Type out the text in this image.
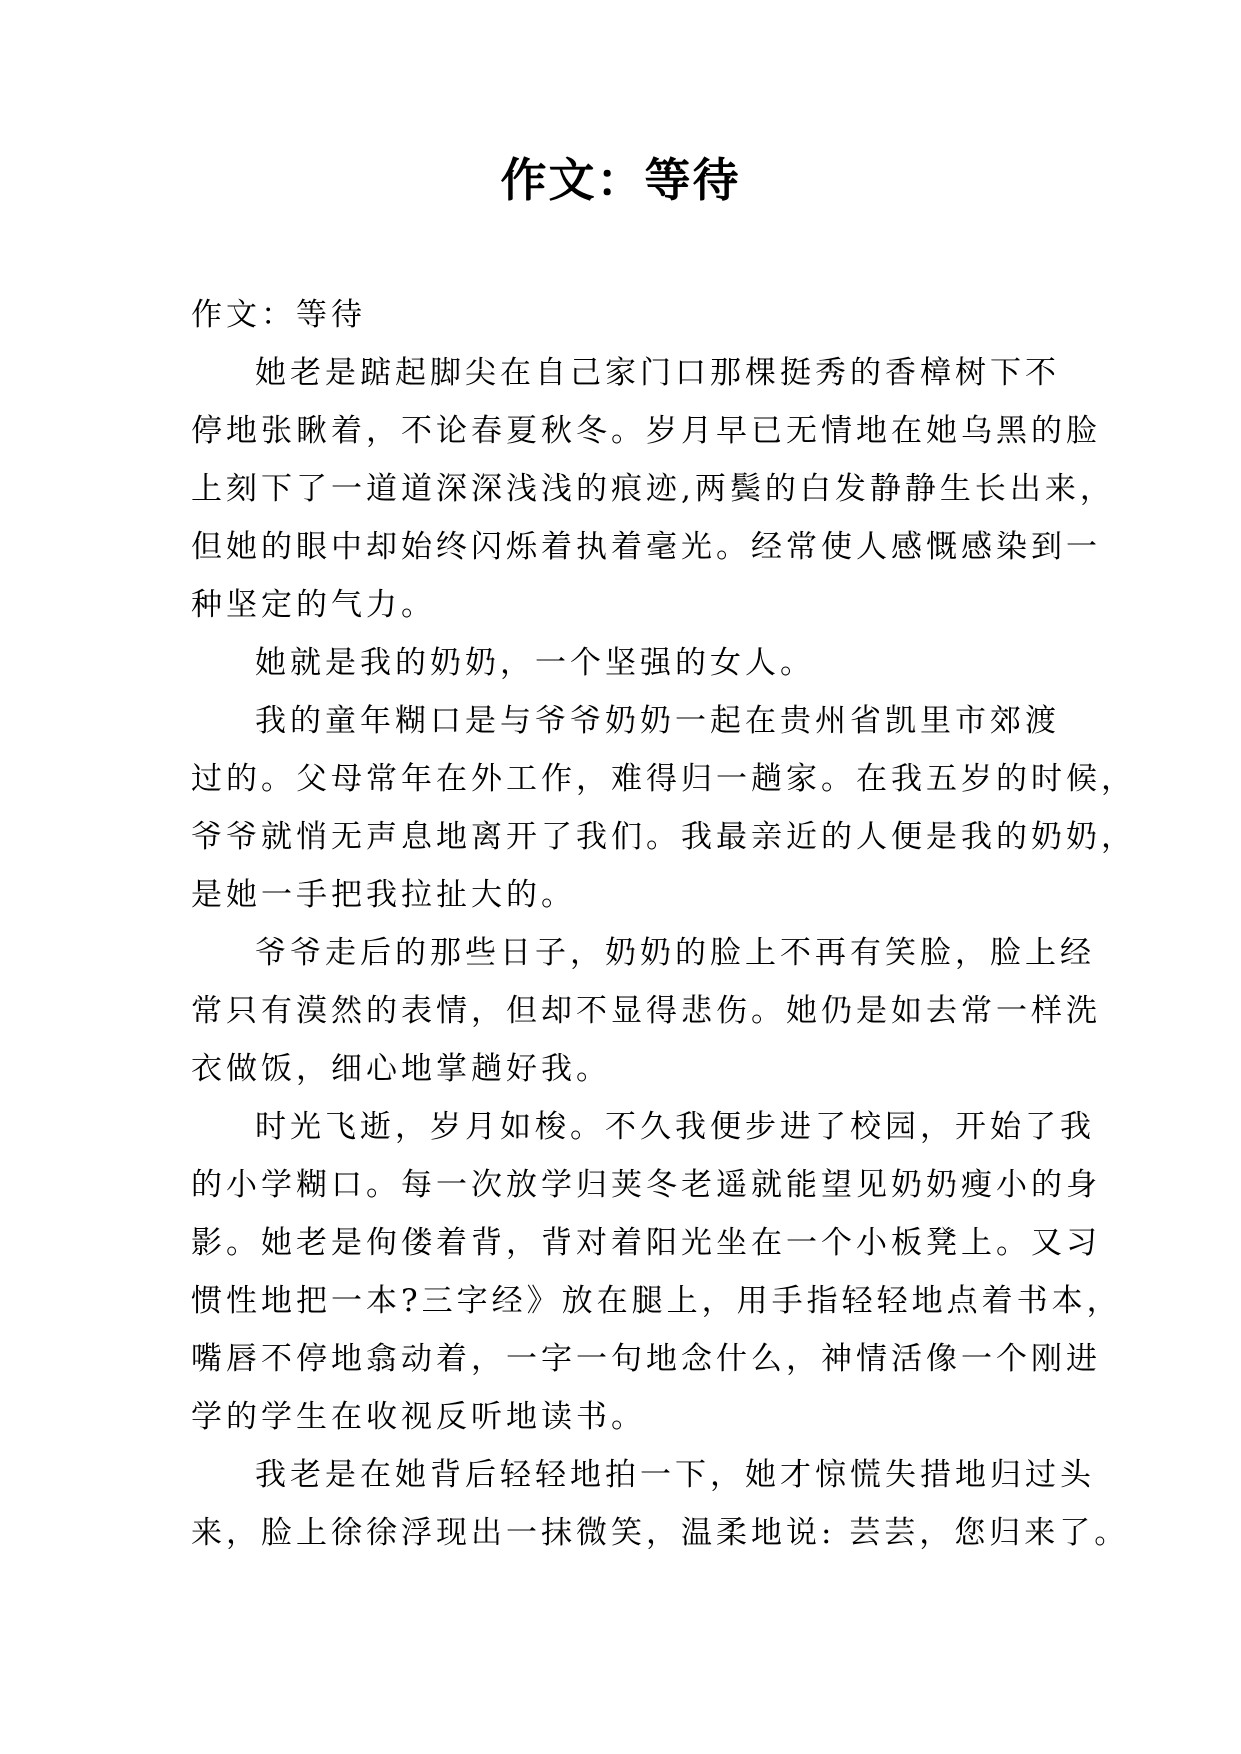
作文：等待
作文：等待
她老是踮起脚尖在自己家门口那棵挺秀的香樟树下不
停地张瞅着，不论春夏秋冬。岁月早已无情地在她乌黑的脸
上刻下了一道道深深浅浅的痕迹,两鬓的白发静静生长出来，
但她的眼中却始终闪烁着执着毫光。经常使人感慨感染到一
种坚定的气力。
她就是我的奶奶，一个坚强的女人。
我的童年糊口是与爷爷奶奶一起在贵州省凯里市郊渡
过的。父母常年在外工作，难得归一趟家。在我五岁的时候，
爷爷就悄无声息地离开了我们。我最亲近的人便是我的奶奶，
是她一手把我拉扯大的。
爷爷走后的那些日子，奶奶的脸上不再有笑脸，脸上经
常只有漠然的表情，但却不显得悲伤。她仍是如去常一样洗
衣做饭，细心地掌趟好我。
时光飞逝，岁月如梭。不久我便步进了校园，开始了我
的小学糊口。每一次放学归荚冬老遥就能望见奶奶瘦小的身
影。她老是佝偻着背，背对着阳光坐在一个小板凳上。又习
惯性地把一本?三字经》放在腿上，用手指轻轻地点着书本，
嘴唇不停地翕动着，一字一句地念什么，神情活像一个刚进
学的学生在收视反听地读书。
我老是在她背后轻轻地拍一下，她才惊慌失措地归过头
来，脸上徐徐浮现出一抹微笑，温柔地说: 芸芸，您归来了。
